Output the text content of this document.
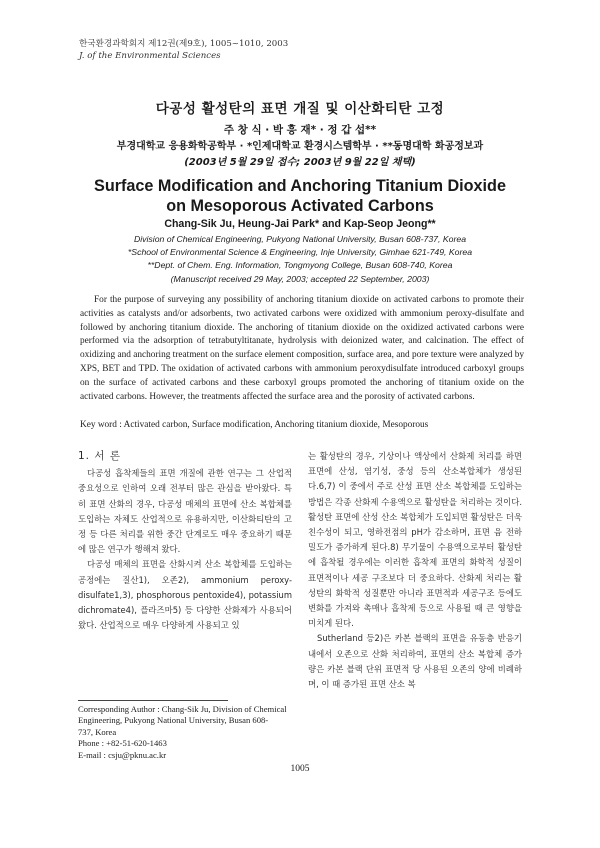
한국환경과학회지 제12권(제9호), 1005~1010, 2003
J. of the Environmental Sciences
다공성 활성탄의 표면 개질 및 이산화티탄 고정
주 창 식 · 박 흥 재* · 정 갑 섭**
부경대학교 응용화학공학부 · *인제대학교 환경시스템학부 · **동명대학 화공정보과
(2003년 5월 29일 접수; 2003년 9월 22일 채택)
Surface Modification and Anchoring Titanium Dioxide
on Mesoporous Activated Carbons
Chang-Sik Ju, Heung-Jai Park* and Kap-Seop Jeong**
Division of Chemical Engineering, Pukyong National University, Busan 608-737, Korea
*School of Environmental Science & Engineering, Inje University, Gimhae 621-749, Korea
**Dept. of Chem. Eng. Information, Tongmyong College, Busan 608-740, Korea
(Manuscript received 29 May, 2003; accepted 22 September, 2003)

For the purpose of surveying any possibility of anchoring titanium dioxide on activated carbons to promote their activities as catalysts and/or adsorbents, two activated carbons were oxidized with ammonium peroxy-disulfate and followed by anchoring titanium dioxide. The anchoring of titanium dioxide on the oxidized activated carbons were performed via the adsorption of tetrabutyltitanate, hydrolysis with deionized water, and calcination. The effect of oxidizing and anchoring treatment on the surface element composition, surface area, and pore texture were analyzed by XPS, BET and TPD. The oxidation of activated carbons with ammonium peroxydisulfate introduced carboxyl groups on the surface of activated carbons and these carboxyl groups promoted the anchoring of titanium oxide on the activated carbons. However, the treatments affected the surface area and the porosity of activated carbons.

Key word : Activated carbon, Surface modification, Anchoring titanium dioxide, Mesoporous
1. 서 론

다공성 흡착제들의 표면 개질에 관한 연구는 그 산업적 중요성으로 인하여 오래 전부터 많은 관심을 받아왔다. 특히 표면 산화의 경우, 다공성 매체의 표면에 산소 복합체를 도입하는 자체도 산업적으로 유용하지만, 이산화티탄의 고정 등 다른 처리를 위한 중간 단계로도 매우 중요하기 때문에 많은 연구가 행해져 왔다.

다공성 매체의 표면을 산화시켜 산소 복합체를 도입하는 공정에는 질산1), 오존2), ammonium peroxy-disulfate1,3), phosphorous pentoxide4), potassium dichromate4), 플라즈마5) 등 다양한 산화제가 사용되어 왔다. 산업적으로 매우 다양하게 사용되고 있

는 활성탄의 경우, 기상이나 액상에서 산화제 처리를 하면 표면에 산성, 염기성, 중성 등의 산소복합체가 생성된다.6,7) 이 중에서 주로 산성 표면 산소 복합체를 도입하는 방법은 각종 산화제 수용액으로 활성탄을 처리하는 것이다. 활성탄 표면에 산성 산소 복합체가 도입되면 활성탄은 더욱 친수성이 되고, 영하전점의 pH가 감소하며, 표면 음 전하 밀도가 증가하게 된다.8) 무기물이 수용액으로부터 활성탄에 흡착될 경우에는 이러한 흡착제 표면의 화학적 성질이 표면적이나 세공 구조보다 더 중요하다. 산화제 처리는 활성탄의 화학적 성질뿐만 아니라 표면적과 세공구조 등에도 변화를 가져와 촉매나 흡착제 등으로 사용될 때 큰 영향을 미치게 된다.

Sutherland 등2)은 카본 블랙의 표면을 유동층 반응기 내에서 오존으로 산화 처리하여, 표면의 산소 복합체 증가량은 카본 블랙 단위 표면적 당 사용된 오존의 양에 비례하며, 이 때 증가된 표면 산소 복

Corresponding Author : Chang-Sik Ju, Division of Chemical
Engineering, Pukyong National University, Busan 608-
737, Korea
Phone : +82-51-620-1463
E-mail : csju@pknu.ac.kr
1005
